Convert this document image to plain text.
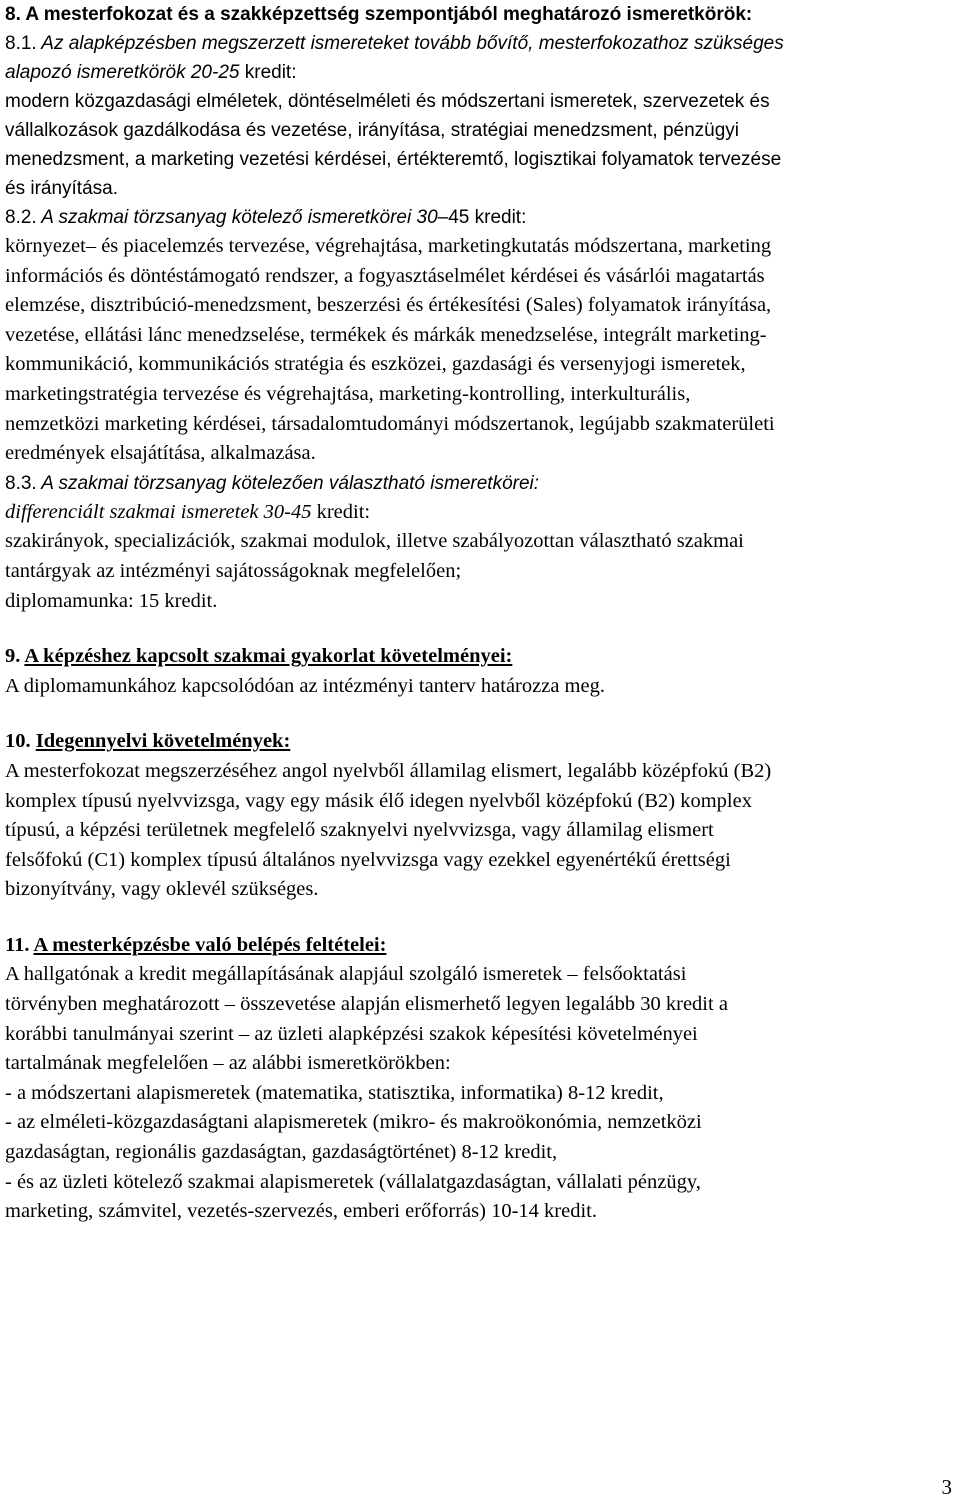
8. A mesterfokozat és a szakképzettség szempontjából meghatározó ismeretkörök:
8.1. Az alapképzésben megszerzett ismereteket tovább bővítő, mesterfokozathoz szükséges
alapozó ismeretkörök 20-25 kredit:
modern közgazdasági elméletek, döntéselméleti és módszertani ismeretek, szervezetek és
vállalkozások gazdálkodása és vezetése, irányítása, stratégiai menedzsment, pénzügyi
menedzsment, a marketing vezetési kérdései, értékteremtő, logisztikai folyamatok tervezése
és irányítása.
8.2. A szakmai törzsanyag kötelező ismeretkörei 30–45 kredit:
környezet– és piacelemzés tervezése, végrehajtása, marketingkutatás módszertana, marketing
információs és döntéstámogató rendszer, a fogyasztáselmélet kérdései és vásárlói magatartás
elemzése, disztribúció-menedzsment, beszerzési és értékesítési (Sales) folyamatok irányítása,
vezetése, ellátási lánc menedzselése, termékek és márkák menedzselése, integrált marketing-
kommunikáció, kommunikációs stratégia és eszközei, gazdasági és versenyjogi ismeretek,
marketingstratégia tervezése és végrehajtása, marketing-kontrolling, interkulturális,
nemzetközi marketing kérdései, társadalomtudományi módszertanok, legújabb szakmaterületi
eredmények elsajátítása, alkalmazása.
8.3. A szakmai törzsanyag kötelezően választható ismeretkörei:
differenciált szakmai ismeretek 30-45 kredit:
szakirányok, specializációk, szakmai modulok, illetve szabályozottan választható szakmai
tantárgyak az intézményi sajátosságoknak megfelelően;
diplomamunka: 15 kredit.
9. A képzéshez kapcsolt szakmai gyakorlat követelményei:
A diplomamunkához kapcsolódóan az intézményi tanterv határozza meg.
10. Idegennyelvi követelmények:
A mesterfokozat megszerzéséhez angol nyelvből államilag elismert, legalább középfokú (B2)
komplex típusú nyelvvizsga, vagy egy másik élő idegen nyelvből középfokú (B2) komplex
típusú, a képzési területnek megfelelő szaknyelvi nyelvvizsga, vagy államilag elismert
felsőfokú (C1) komplex típusú általános nyelvvizsga vagy ezekkel egyenértékű érettségi
bizonyítvány, vagy oklevél szükséges.
11. A mesterképzésbe való belépés feltételei:
A hallgatónak a kredit megállapításának alapjául szolgáló ismeretek – felsőoktatási
törvényben meghatározott – összevetése alapján elismerhető legyen legalább 30 kredit a
korábbi tanulmányai szerint – az üzleti alapképzési szakok képesítési követelményei
tartalmának megfelelően – az alábbi ismeretkörökben:
- a módszertani alapismeretek (matematika, statisztika, informatika) 8-12 kredit,
- az elméleti-közgazdaságtani alapismeretek (mikro- és makroökonómia, nemzetközi
gazdaságtan, regionális gazdaságtan, gazdaságtörténet) 8-12 kredit,
- és az üzleti kötelező szakmai alapismeretek (vállalatgazdaságtan, vállalati pénzügy,
marketing, számvitel, vezetés-szervezés, emberi erőforrás) 10-14 kredit.
3
